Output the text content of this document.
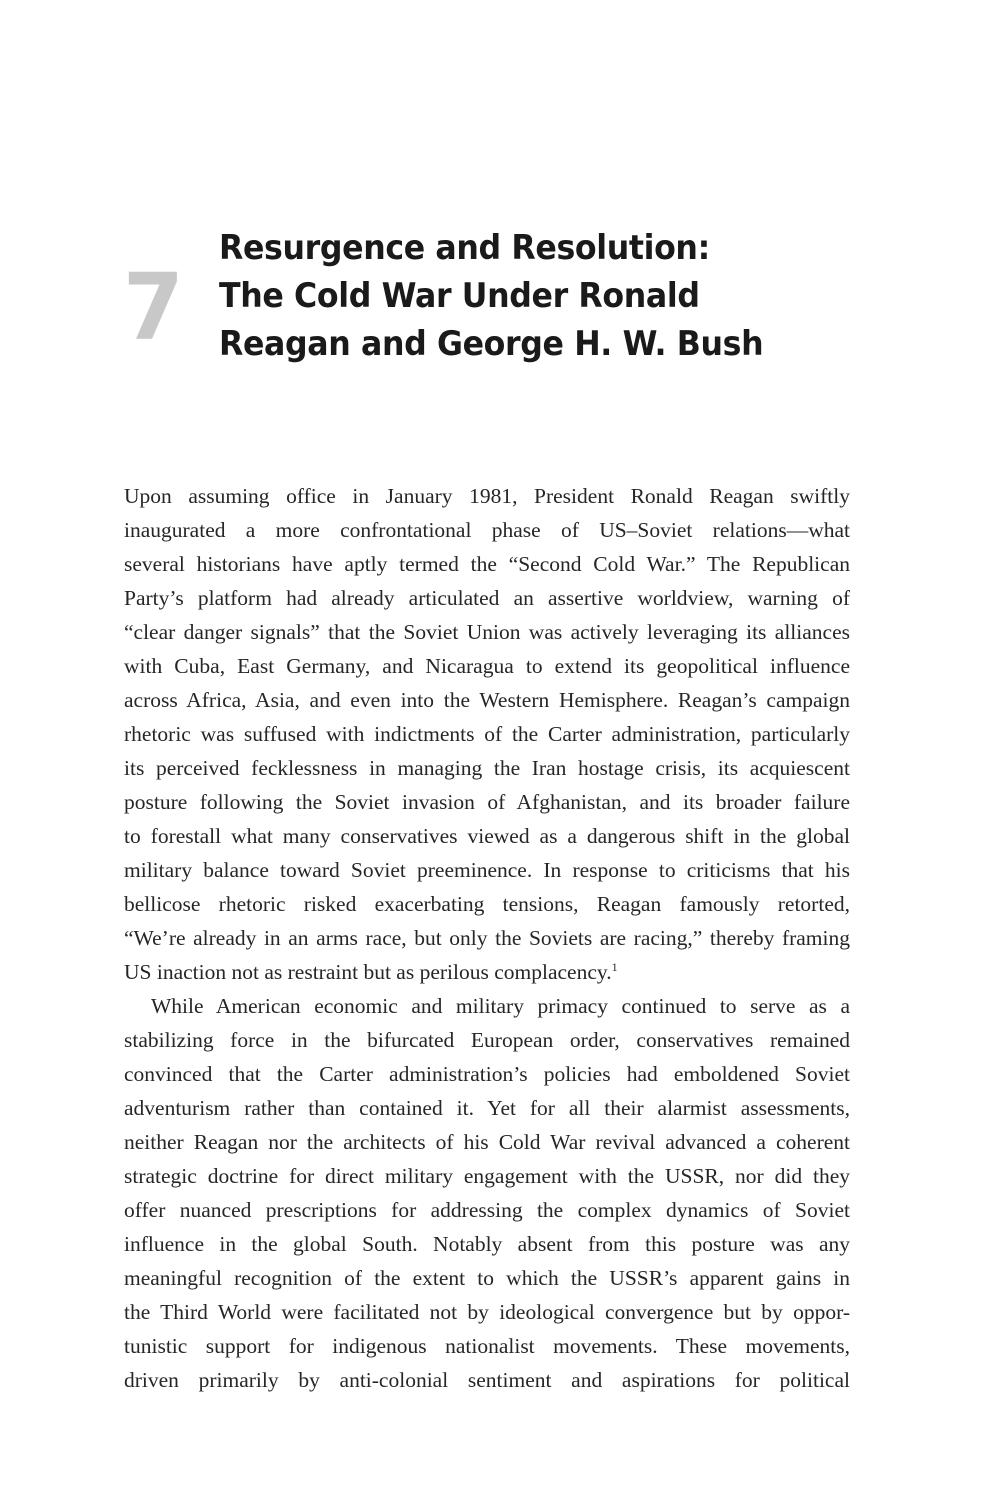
7
Resurgence and Resolution:
The Cold War Under Ronald
Reagan and George H. W. Bush
Upon assuming office in January 1981, President Ronald Reagan swiftly
inaugurated a more confrontational phase of US–Soviet relations—what
several historians have aptly termed the “Second Cold War.” The Republican
Party’s platform had already articulated an assertive worldview, warning of
“clear danger signals” that the Soviet Union was actively leveraging its alliances
with Cuba, East Germany, and Nicaragua to extend its geopolitical influence
across Africa, Asia, and even into the Western Hemisphere. Reagan’s campaign
rhetoric was suffused with indictments of the Carter administration, particularly
its perceived fecklessness in managing the Iran hostage crisis, its acquiescent
posture following the Soviet invasion of Afghanistan, and its broader failure
to forestall what many conservatives viewed as a dangerous shift in the global
military balance toward Soviet preeminence. In response to criticisms that his
bellicose rhetoric risked exacerbating tensions, Reagan famously retorted,
“We’re already in an arms race, but only the Soviets are racing,” thereby framing
US inaction not as restraint but as perilous complacency.$^1$
While American economic and military primacy continued to serve as a
stabilizing force in the bifurcated European order, conservatives remained
convinced that the Carter administration’s policies had emboldened Soviet
adventurism rather than contained it. Yet for all their alarmist assessments,
neither Reagan nor the architects of his Cold War revival advanced a coherent
strategic doctrine for direct military engagement with the USSR, nor did they
offer nuanced prescriptions for addressing the complex dynamics of Soviet
influence in the global South. Notably absent from this posture was any
meaningful recognition of the extent to which the USSR’s apparent gains in
the Third World were facilitated not by ideological convergence but by oppor-
tunistic support for indigenous nationalist movements. These movements,
driven primarily by anti-colonial sentiment and aspirations for political
